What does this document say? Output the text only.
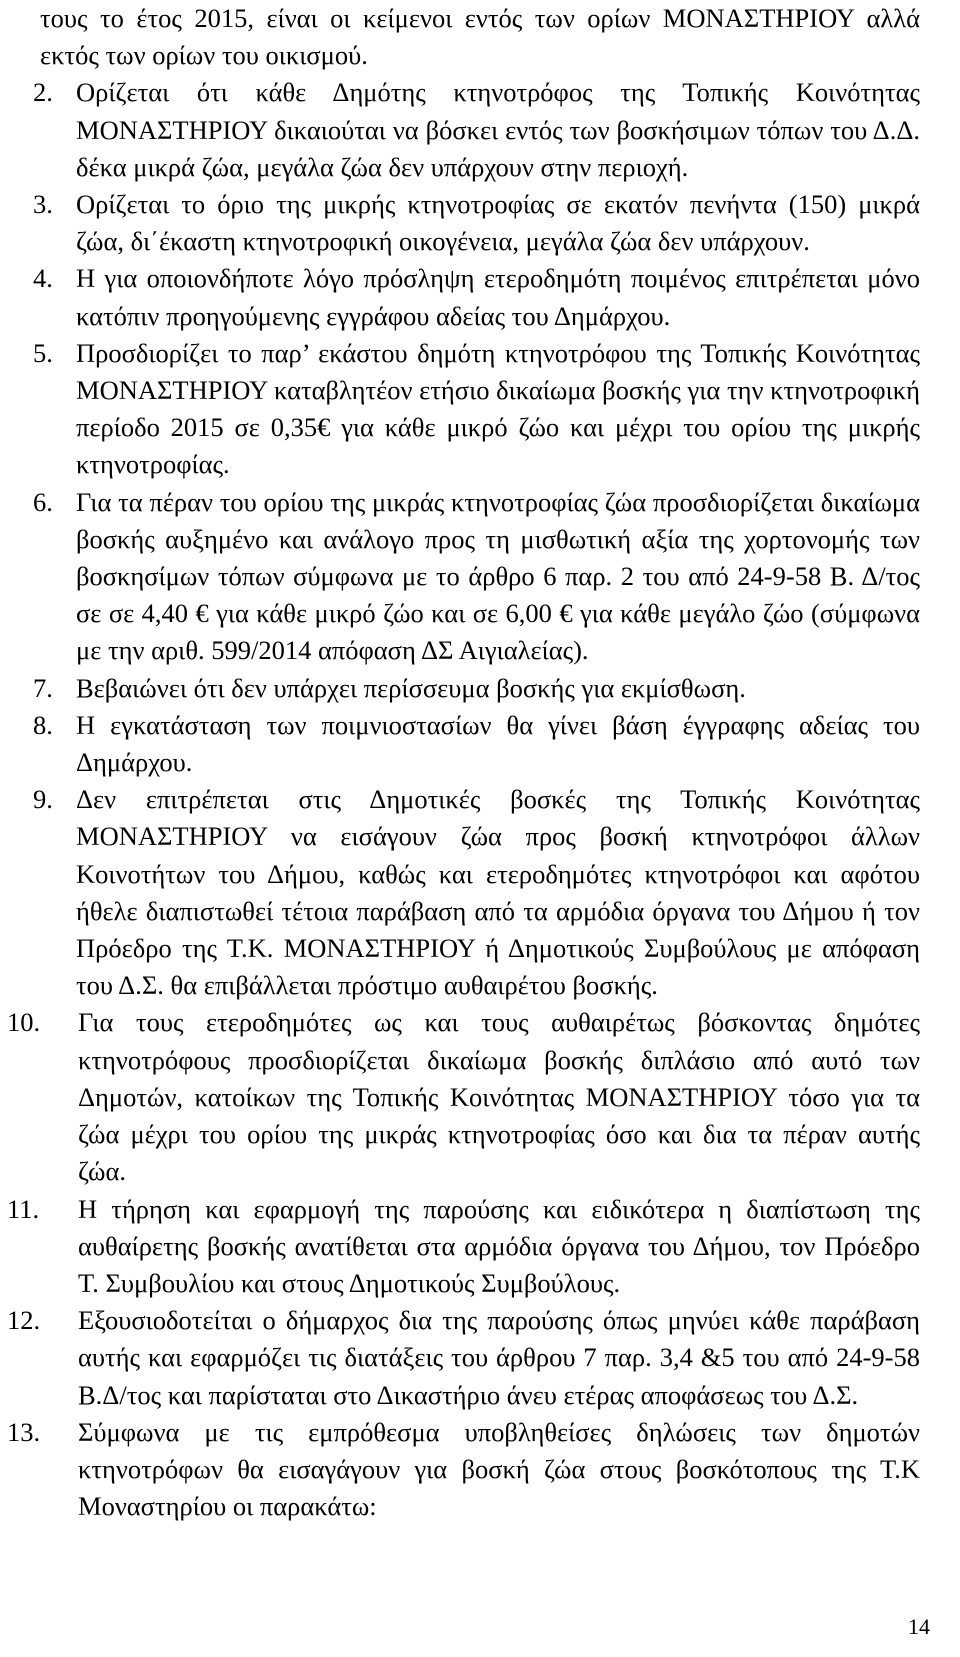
τους το έτος 2015, είναι οι κείμενοι εντός των ορίων ΜΟΝΑΣΤΗΡΙΟΥ αλλά εκτός των ορίων του οικισμού.

2. Ορίζεται ότι κάθε Δημότης κτηνοτρόφος της Τοπικής Κοινότητας ΜΟΝΑΣΤΗΡΙΟΥ δικαιούται να βόσκει εντός των βοσκήσιμων τόπων του Δ.Δ. δέκα μικρά ζώα, μεγάλα ζώα δεν υπάρχουν στην περιοχή.

3. Ορίζεται το όριο της μικρής κτηνοτροφίας σε εκατόν πενήντα (150) μικρά ζώα, δι΄έκαστη κτηνοτροφική οικογένεια, μεγάλα ζώα δεν υπάρχουν.

4. Η για οποιονδήποτε λόγο πρόσληψη ετεροδημότη ποιμένος επιτρέπεται μόνο κατόπιν προηγούμενης εγγράφου αδείας του Δημάρχου.

5. Προσδιορίζει το παρ’ εκάστου δημότη κτηνοτρόφου της Τοπικής Κοινότητας ΜΟΝΑΣΤΗΡΙΟΥ καταβλητέον ετήσιο δικαίωμα βοσκής για την κτηνοτροφική περίοδο 2015 σε 0,35€ για κάθε μικρό ζώο και μέχρι του ορίου της μικρής κτηνοτροφίας.

6. Για τα πέραν του ορίου της μικράς κτηνοτροφίας ζώα προσδιορίζεται δικαίωμα βοσκής αυξημένο και ανάλογο προς τη μισθωτική αξία της χορτονομής των βοσκησίμων τόπων σύμφωνα με το άρθρο 6 παρ. 2 του από 24-9-58 Β. Δ/τος σε σε 4,40 € για κάθε μικρό ζώο και σε 6,00 € για κάθε μεγάλο ζώο (σύμφωνα με την αριθ. 599/2014 απόφαση ΔΣ Αιγιαλείας).

7. Βεβαιώνει ότι δεν υπάρχει περίσσευμα βοσκής για εκμίσθωση.

8. Η εγκατάσταση των ποιμνιοστασίων θα γίνει βάση έγγραφης αδείας του Δημάρχου.

9. Δεν επιτρέπεται στις Δημοτικές βοσκές της Τοπικής Κοινότητας ΜΟΝΑΣΤΗΡΙΟΥ να εισάγουν ζώα προς βοσκή κτηνοτρόφοι άλλων Κοινοτήτων του Δήμου, καθώς και ετεροδημότες κτηνοτρόφοι και αφότου ήθελε διαπιστωθεί τέτοια παράβαση από τα αρμόδια όργανα του Δήμου ή τον Πρόεδρο της Τ.Κ. ΜΟΝΑΣΤΗΡΙΟΥ ή Δημοτικούς Συμβούλους με απόφαση του Δ.Σ. θα επιβάλλεται πρόστιμο αυθαιρέτου βοσκής.

10.	Για τους ετεροδημότες ως και τους αυθαιρέτως βόσκοντας δημότες κτηνοτρόφους προσδιορίζεται δικαίωμα βοσκής διπλάσιο από αυτό των Δημοτών, κατοίκων της Τοπικής Κοινότητας ΜΟΝΑΣΤΗΡΙΟΥ τόσο για τα ζώα μέχρι του ορίου της μικράς κτηνοτροφίας όσο και δια τα πέραν αυτής ζώα.

11.	Η τήρηση και εφαρμογή της παρούσης και ειδικότερα η διαπίστωση της αυθαίρετης βοσκής ανατίθεται στα αρμόδια όργανα του Δήμου, τον Πρόεδρο Τ. Συμβουλίου και στους Δημοτικούς Συμβούλους.

12.	Εξουσιοδοτείται ο δήμαρχος δια της παρούσης όπως μηνύει κάθε παράβαση αυτής και εφαρμόζει τις διατάξεις του άρθρου 7 παρ. 3,4 &5 του από 24-9-58 Β.Δ/τος και παρίσταται στο Δικαστήριο άνευ ετέρας αποφάσεως του Δ.Σ.

13.	Σύμφωνα με τις εμπρόθεσμα υποβληθείσες δηλώσεις των δημοτών κτηνοτρόφων θα εισαγάγουν για βοσκή ζώα στους βοσκότοπους της Τ.Κ Μοναστηρίου οι παρακάτω:

14
